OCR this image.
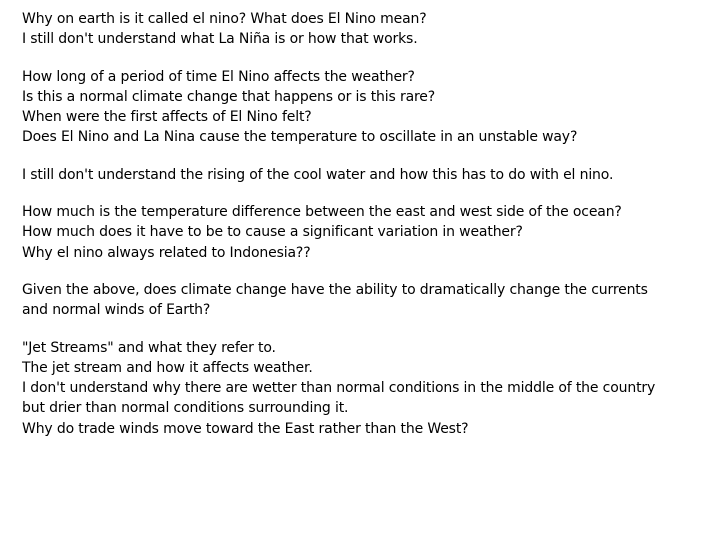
Why on earth is it called el nino? What does El Nino mean?
I still don't understand what La Niña is or how that works.
How long of a period of time El Nino affects the weather?
Is this a normal climate change that happens or is this rare?
When were the first affects of El Nino felt?
Does El Nino and La Nina cause the temperature to oscillate in an unstable way?
I still don't understand the rising of the cool water and how this has to do with el nino.
How much is the temperature difference between the east and west side of the ocean?
How much does it have to be to cause a significant variation in weather?
Why el nino always related to Indonesia??
Given the above, does climate change have the ability to dramatically change the currents
and normal winds of Earth?
"Jet Streams" and what they refer to.
The jet stream and how it affects weather.
I don't understand why there are wetter than normal conditions in the middle of the country
but drier than normal conditions surrounding it.
Why do trade winds move toward the East rather than the West?
